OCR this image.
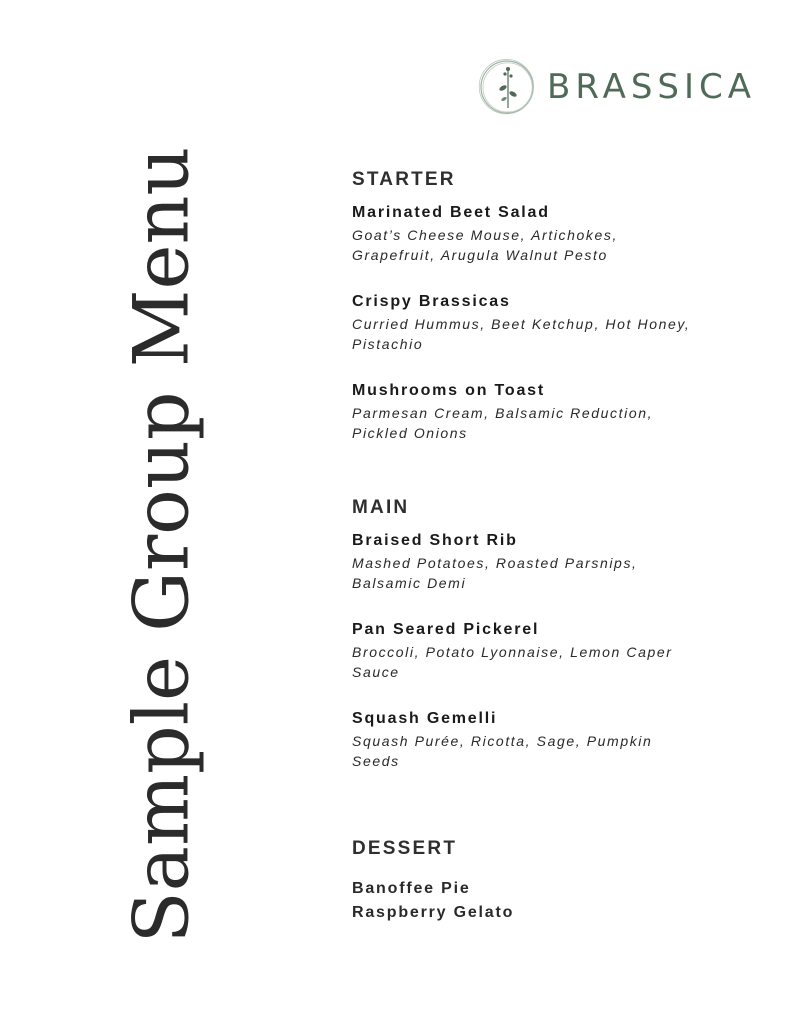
BRASSICA
Sample Group Menu	STARTER
Marinated Beet Salad
Goat’s Cheese Mouse, Artichokes, Grapefruit, Arugula Walnut Pesto
Crispy Brassicas
Curried Hummus, Beet Ketchup, Hot Honey, Pistachio
Mushrooms on Toast
Parmesan Cream, Balsamic Reduction, Pickled Onions
MAIN
Braised Short Rib
Mashed Potatoes, Roasted Parsnips, Balsamic Demi
Pan Seared Pickerel
Broccoli, Potato Lyonnaise, Lemon Caper Sauce
Squash Gemelli
Squash Purée, Ricotta, Sage, Pumpkin Seeds
DESSERT
Banoffee Pie
Raspberry Gelato
